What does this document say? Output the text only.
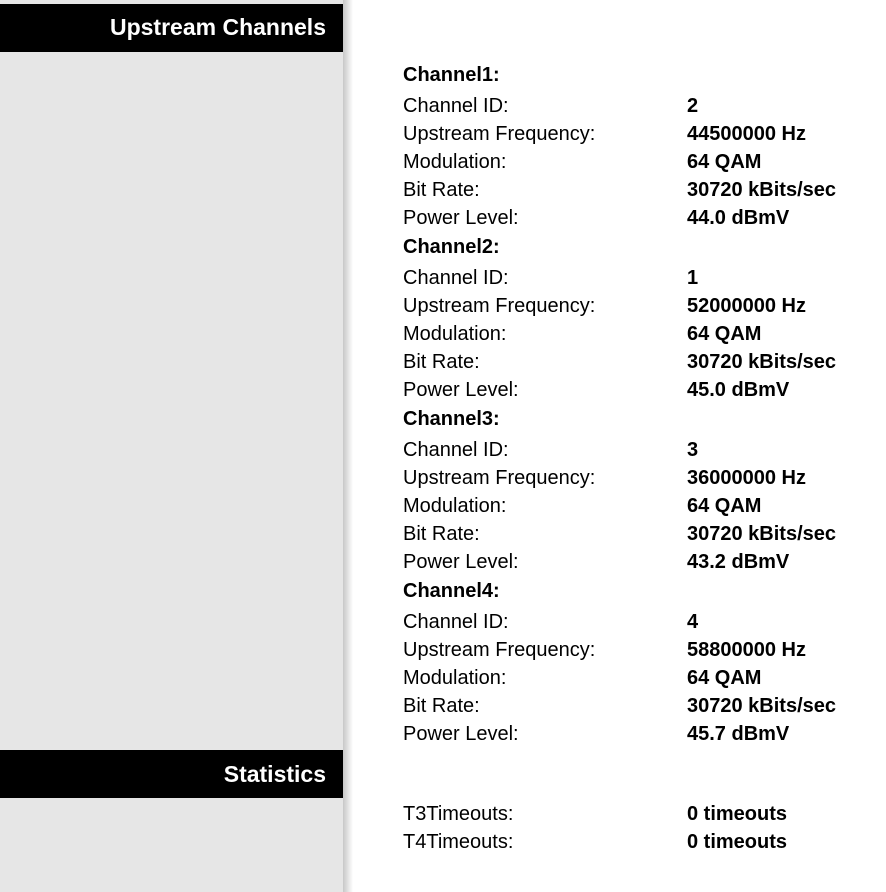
Upstream Channels
Statistics
Channel1:
Channel ID:	2
Upstream Frequency:	44500000 Hz
Modulation:	64 QAM
Bit Rate:	30720 kBits/sec
Power Level:	44.0 dBmV
Channel2:
Channel ID:	1
Upstream Frequency:	52000000 Hz
Modulation:	64 QAM
Bit Rate:	30720 kBits/sec
Power Level:	45.0 dBmV
Channel3:
Channel ID:	3
Upstream Frequency:	36000000 Hz
Modulation:	64 QAM
Bit Rate:	30720 kBits/sec
Power Level:	43.2 dBmV
Channel4:
Channel ID:	4
Upstream Frequency:	58800000 Hz
Modulation:	64 QAM
Bit Rate:	30720 kBits/sec
Power Level:	45.7 dBmV
T3Timeouts:	0 timeouts
T4Timeouts:	0 timeouts
